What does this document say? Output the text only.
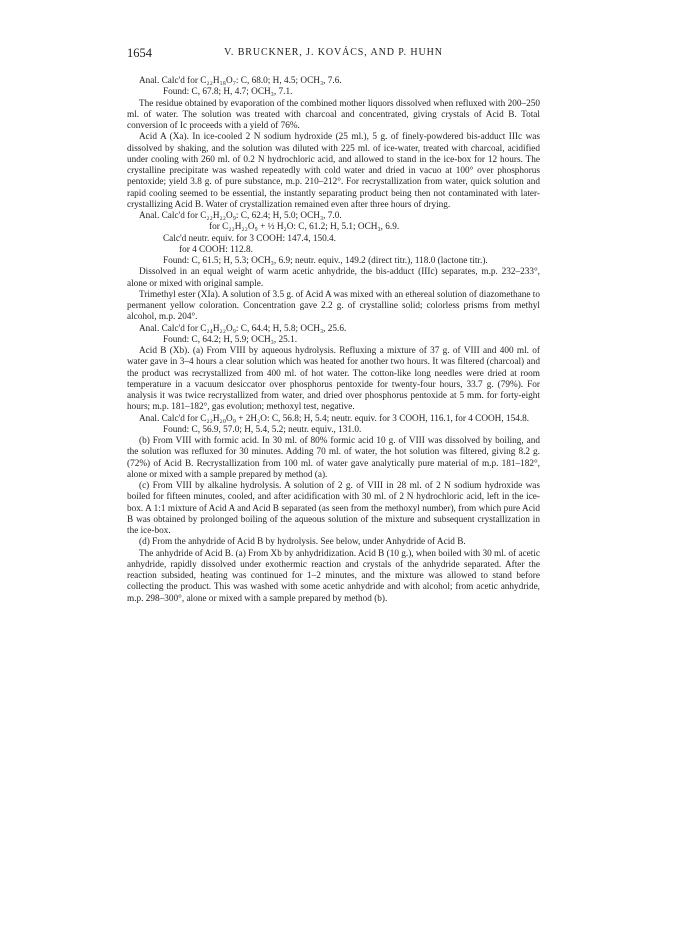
1654	V. BRUCKNER, J. KOVÁCS, AND P. HUHN

Anal. Calc'd for C₂₂H₁₈O₇: C, 68.0; H, 4.5; OCH₃, 7.6.

Found: C, 67.8; H, 4.7; OCH₃, 7.1.

The residue obtained by evaporation of the combined mother liquors dissolved when refluxed with 200–250 ml. of water. The solution was treated with charcoal and concentrated, giving crystals of Acid B. Total conversion of Ic proceeds with a yield of 76%.

Acid A (Xa). In ice-cooled 2 N sodium hydroxide (25 ml.), 5 g. of finely-powdered bis-adduct IIIc was dissolved by shaking, and the solution was diluted with 225 ml. of ice-water, treated with charcoal, acidified under cooling with 260 ml. of 0.2 N hydrochloric acid, and allowed to stand in the ice-box for 12 hours. The crystalline precipitate was washed repeatedly with cold water and dried in vacuo at 100° over phosphorus pentoxide; yield 3.8 g. of pure substance, m.p. 210–212°. For recrystallization from water, quick solution and rapid cooling seemed to be essential, the instantly separating product being then not contaminated with later-crystallizing Acid B. Water of crystallization remained even after three hours of drying.

Anal. Calc'd for C₂₂H₂₂O₉: C, 62.4; H, 5.0; OCH₃, 7.0.

for C₂₂H₂₂O₉ + ½ H₂O: C, 61.2; H, 5.1; OCH₃, 6.9.

Calc'd neutr. equiv. for 3 COOH: 147.4, 150.4.

for 4 COOH: 112.8.

Found: C, 61.5; H, 5.3; OCH₃, 6.9; neutr. equiv., 149.2 (direct titr.), 118.0 (lactone titr.).

Dissolved in an equal weight of warm acetic anhydride, the bis-adduct (IIIc) separates, m.p. 232–233°, alone or mixed with original sample.

Trimethyl ester (XIa). A solution of 3.5 g. of Acid A was mixed with an ethereal solution of diazomethane to permanent yellow coloration. Concentration gave 2.2 g. of crystalline solid; colorless prisms from methyl alcohol, m.p. 204°.

Anal. Calc'd for C₂₄H₂₂O₉: C, 64.4; H, 5.8; OCH₃, 25.6.

Found: C, 64.2; H, 5.9; OCH₃, 25.1.

Acid B (Xb). (a) From VIII by aqueous hydrolysis. Refluxing a mixture of 37 g. of VIII and 400 ml. of water gave in 3–4 hours a clear solution which was heated for another two hours. It was filtered (charcoal) and the product was recrystallized from 400 ml. of hot water. The cotton-like long needles were dried at room temperature in a vacuum desiccator over phosphorus pentoxide for twenty-four hours, 33.7 g. (79%). For analysis it was twice recrystallized from water, and dried over phosphorus pentoxide at 5 mm. for forty-eight hours; m.p. 181–182°, gas evolution; methoxyl test, negative.

Anal. Calc'd for C₂₂H₂₀O₉ + 2H₂O: C, 56.8; H, 5.4; neutr. equiv. for 3 COOH, 116.1, for 4 COOH, 154.8.

Found: C, 56.9, 57.0; H, 5.4, 5.2; neutr. equiv., 131.0.

(b) From VIII with formic acid. In 30 ml. of 80% formic acid 10 g. of VIII was dissolved by boiling, and the solution was refluxed for 30 minutes. Adding 70 ml. of water, the hot solution was filtered, giving 8.2 g. (72%) of Acid B. Recrystallization from 100 ml. of water gave analytically pure material of m.p. 181–182°, alone or mixed with a sample prepared by method (a).

(c) From VIII by alkaline hydrolysis. A solution of 2 g. of VIII in 28 ml. of 2 N sodium hydroxide was boiled for fifteen minutes, cooled, and after acidification with 30 ml. of 2 N hydrochloric acid, left in the ice-box. A 1:1 mixture of Acid A and Acid B separated (as seen from the methoxyl number), from which pure Acid B was obtained by prolonged boiling of the aqueous solution of the mixture and subsequent crystallization in the ice-box.

(d) From the anhydride of Acid B by hydrolysis. See below, under Anhydride of Acid B.

The anhydride of Acid B. (a) From Xb by anhydridization. Acid B (10 g.), when boiled with 30 ml. of acetic anhydride, rapidly dissolved under exothermic reaction and crystals of the anhydride separated. After the reaction subsided, heating was continued for 1–2 minutes, and the mixture was allowed to stand before collecting the product. This was washed with some acetic anhydride and with alcohol; from acetic anhydride, m.p. 298–300°, alone or mixed with a sample prepared by method (b).
